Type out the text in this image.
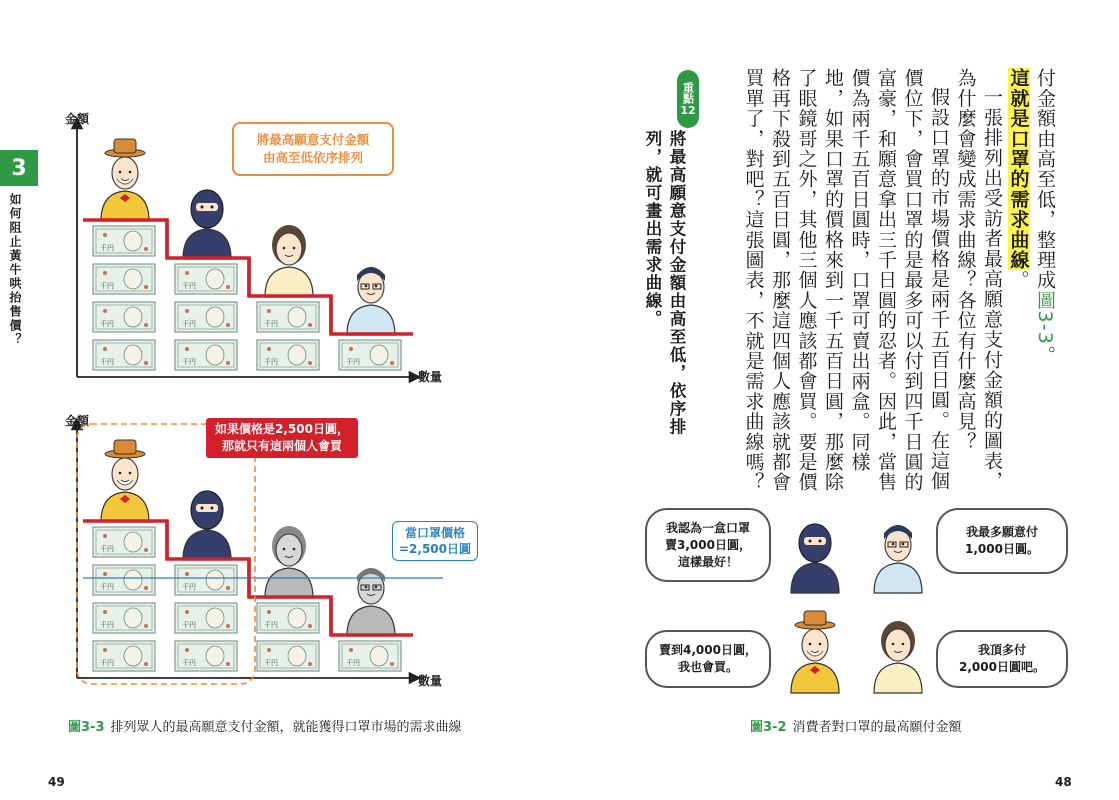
3
如何阻止黃牛哄抬售價？
金額
數量
千円
千円
千円
千円
千円
千円
千円
千円
千円
千円
將最高願意支付金額
由高至低依序排列
金額
數量
千円
千円
千円
千円
千円
千円
千円
千円
千円
千円
如果價格是2,500日圓，
那就只有這兩個人會買
當口罩價格
=2,500日圓
圖3-3 排列眾人的最高願意支付金額，就能獲得口罩市場的需求曲線
49

付金額由高至低，整理成圖3-3。

這就是口罩的需求曲線。

一張排列出受訪者最高願意支付金額的圖表，為什麼會變成需求曲線？各位有什麼高見？

假設口罩的市場價格是兩千五百日圓。在這個價位下，會買口罩的是最多可以付到四千日圓的富豪，和願意拿出三千日圓的忍者。因此，當售價為兩千五百日圓時，口罩可賣出兩盒。同樣地，如果口罩的價格來到一千五百日圓，那麼除了眼鏡哥之外，其他三個人應該都會買。要是價格再下殺到五百日圓，那麼這四個人應該就都會買單了，對吧？這張圖表，不就是需求曲線嗎？

重點
12
將最高願意支付金額由高至低，依序排列，就可畫出需求曲線。
我認為一盒口罩
賣3,000日圓，
這樣最好！
我最多願意付
1,000日圓。
賣到4,000日圓，
我也會買。
我頂多付
2,000日圓吧。
圖3-2 消費者對口罩的最高願付金額
48
